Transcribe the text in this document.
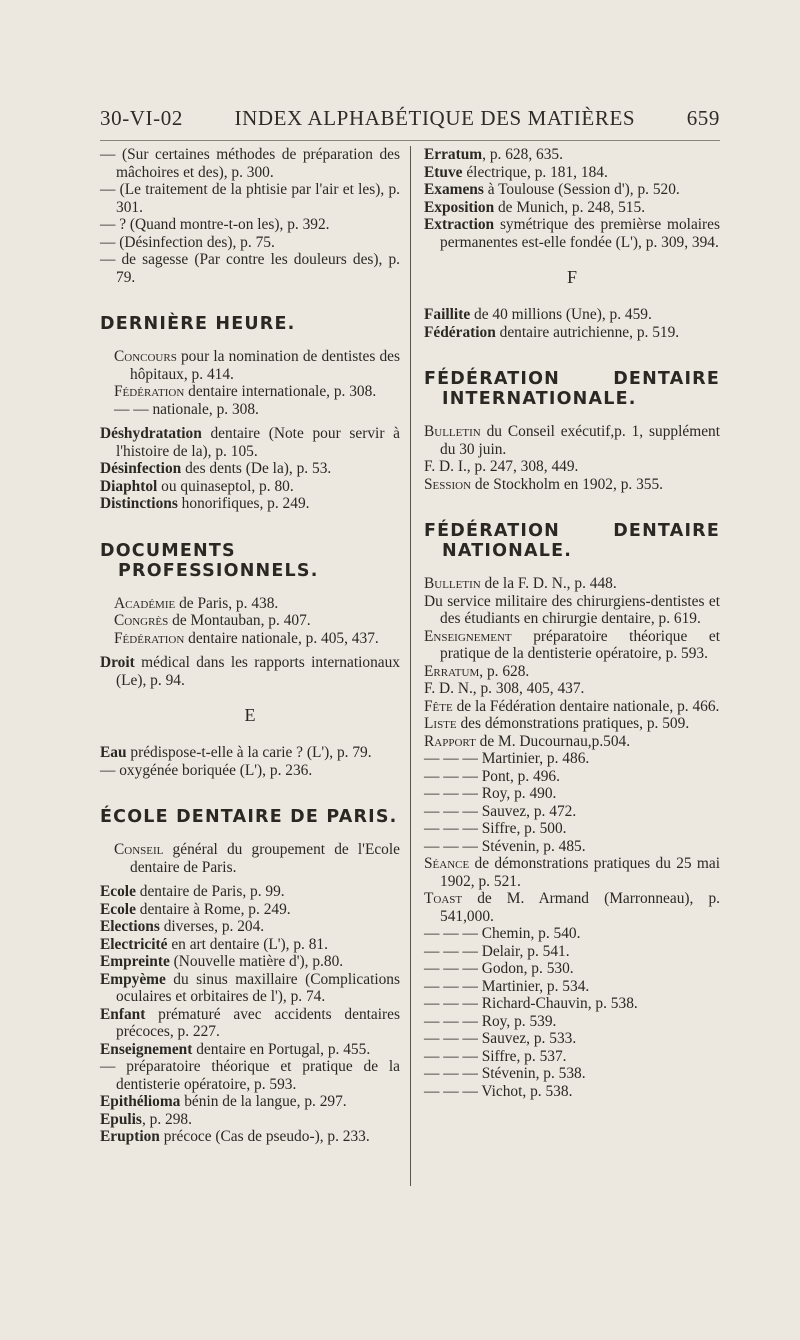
30-VI-02 INDEX ALPHABÉTIQUE DES MATIÈRES 659
— (Sur certaines méthodes de préparation des mâchoires et des), p. 300.
— (Le traitement de la phtisie par l'air et les), p. 301.
— ? (Quand montre-t-on les), p. 392.
— (Désinfection des), p. 75.
— de sagesse (Par contre les douleurs des), p. 79.
DERNIÈRE HEURE.
Concours pour la nomination de dentistes des hôpitaux, p. 414.
Fédération dentaire internationale, p. 308.
— — nationale, p. 308.
Déshydratation dentaire (Note pour servir à l'histoire de la), p. 105.
Désinfection des dents (De la), p. 53.
Diaphtol ou quinaseptol, p. 80.
Distinctions honorifiques, p. 249.
DOCUMENTS PROFESSIONNELS.
Académie de Paris, p. 438.
Congrès de Montauban, p. 407.
Fédération dentaire nationale, p. 405, 437.
Droit médical dans les rapports internationaux (Le), p. 94.
E
Eau prédispose-t-elle à la carie ? (L'), p. 79.
— oxygénée boriquée (L'), p. 236.
ÉCOLE DENTAIRE DE PARIS.
Conseil général du groupement de l'Ecole dentaire de Paris.
Ecole dentaire de Paris, p. 99.
Ecole dentaire à Rome, p. 249.
Elections diverses, p. 204.
Electricité en art dentaire (L'), p. 81.
Empreinte (Nouvelle matière d'), p.80.
Empyème du sinus maxillaire (Complications oculaires et orbitaires de l'), p. 74.
Enfant prématuré avec accidents dentaires précoces, p. 227.
Enseignement dentaire en Portugal, p. 455.
— préparatoire théorique et pratique de la dentisterie opératoire, p. 593.
Epithélioma bénin de la langue, p. 297.
Epulis, p. 298.
Eruption précoce (Cas de pseudo-), p. 233.
Erratum, p. 628, 635.
Etuve électrique, p. 181, 184.
Examens à Toulouse (Session d'), p. 520.
Exposition de Munich, p. 248, 515.
Extraction symétrique des premièrse molaires permanentes est-elle fondée (L'), p. 309, 394.
F
Faillite de 40 millions (Une), p. 459.
Fédération dentaire autrichienne, p. 519.
FÉDÉRATION DENTAIRE INTERNATIONALE.
Bulletin du Conseil exécutif,p. 1, supplément du 30 juin.
F. D. I., p. 247, 308, 449.
Session de Stockholm en 1902, p. 355.
FÉDÉRATION DENTAIRE NATIONALE.
Bulletin de la F. D. N., p. 448.
Du service militaire des chirurgiens-dentistes et des étudiants en chirurgie dentaire, p. 619.
Enseignement préparatoire théorique et pratique de la dentisterie opératoire, p. 593.
Erratum, p. 628.
F. D. N., p. 308, 405, 437.
Fête de la Fédération dentaire nationale, p. 466.
Liste des démonstrations pratiques, p. 509.
Rapport de M. Ducournau,p.504.
— — — Martinier, p. 486.
— — — Pont, p. 496.
— — — Roy, p. 490.
— — — Sauvez, p. 472.
— — — Siffre, p. 500.
— — — Stévenin, p. 485.
Séance de démonstrations pratiques du 25 mai 1902, p. 521.
Toast de M. Armand (Marronneau), p. 541,000.
— — — Chemin, p. 540.
— — — Delair, p. 541.
— — — Godon, p. 530.
— — — Martinier, p. 534.
— — — Richard-Chauvin, p. 538.
— — — Roy, p. 539.
— — — Sauvez, p. 533.
— — — Siffre, p. 537.
— — — Stévenin, p. 538.
— — — Vichot, p. 538.
